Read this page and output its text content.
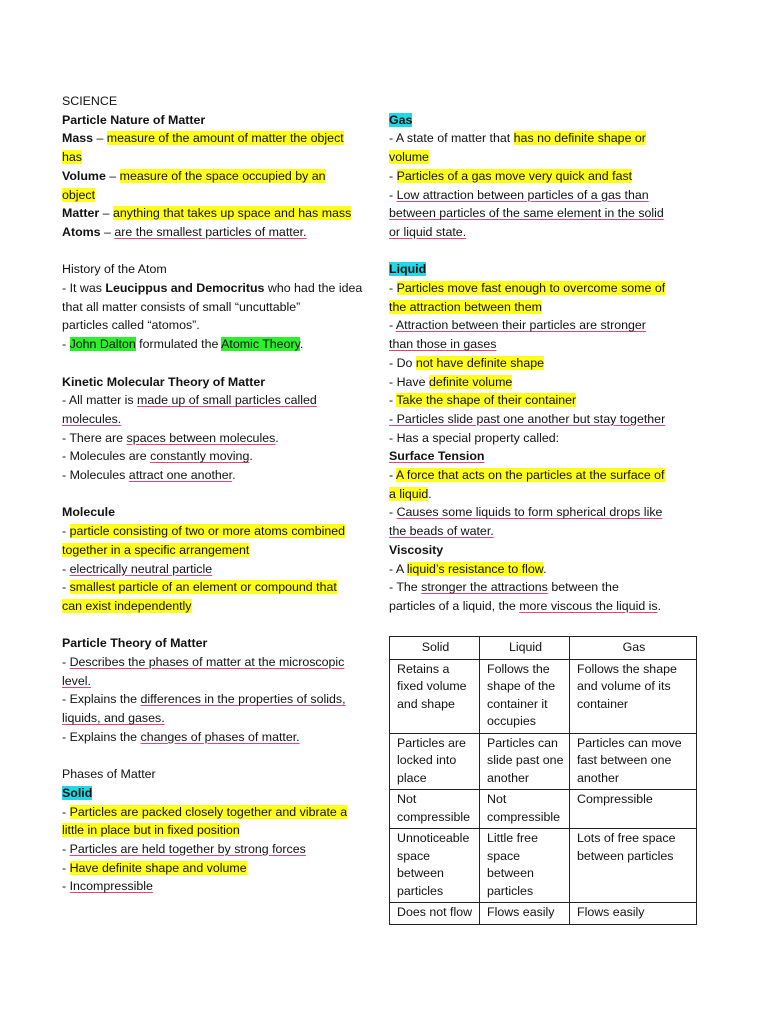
SCIENCE
Particle Nature of Matter
Mass – measure of the amount of matter the object
has
Volume – measure of the space occupied by an
object
Matter – anything that takes up space and has mass
Atoms – are the smallest particles of matter.
History of the Atom
- It was Leucippus and Democritus who had the idea
that all matter consists of small “uncuttable”
particles called “atomos”.
- John Dalton formulated the Atomic Theory.
Kinetic Molecular Theory of Matter
- All matter is made up of small particles called
molecules.
- There are spaces between molecules.
- Molecules are constantly moving.
- Molecules attract one another.
Molecule
- particle consisting of two or more atoms combined
together in a specific arrangement
- electrically neutral particle
- smallest particle of an element or compound that
can exist independently
Particle Theory of Matter
- Describes the phases of matter at the microscopic
level.
- Explains the differences in the properties of solids,
liquids, and gases.
- Explains the changes of phases of matter.
Phases of Matter
Solid
- Particles are packed closely together and vibrate a
little in place but in fixed position
- Particles are held together by strong forces
- Have definite shape and volume
- Incompressible
Gas
- A state of matter that has no definite shape or
volume
- Particles of a gas move very quick and fast
- Low attraction between particles of a gas than
between particles of the same element in the solid
or liquid state.
Liquid
- Particles move fast enough to overcome some of
the attraction between them
- Attraction between their particles are stronger
than those in gases
- Do not have definite shape
- Have definite volume
- Take the shape of their container
- Particles slide past one another but stay together
- Has a special property called:
Surface Tension
- A force that acts on the particles at the surface of
a liquid.
- Causes some liquids to form spherical drops like
the beads of water.
Viscosity
- A liquid’s resistance to flow.
- The stronger the attractions between the
particles of a liquid, the more viscous the liquid is.
Solid	Liquid	Gas
Retains a fixed volume and shape	Follows the shape of the container it occupies	Follows the shape and volume of its container
Particles are locked into place	Particles can slide past one another	Particles can move fast between one another
Not compressible	Not compressible	Compressible
Unnoticeable space between particles	Little free space between particles	Lots of free space between particles
Does not flow	Flows easily	Flows easily
